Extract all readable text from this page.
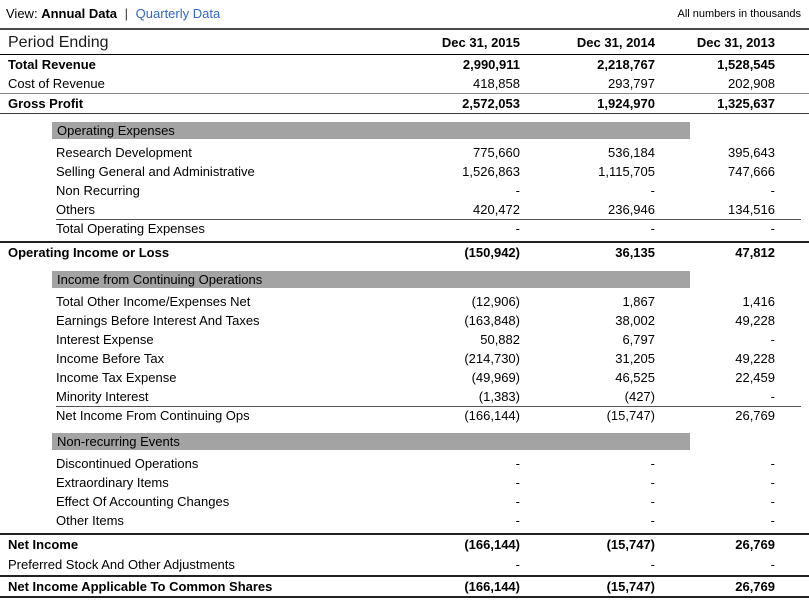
View: Annual Data | Quarterly Data	All numbers in thousands
Period Ending	Dec 31, 2015	Dec 31, 2014	Dec 31, 2013
Total Revenue	2,990,911	2,218,767	1,528,545
Cost of Revenue	418,858	293,797	202,908
Gross Profit	2,572,053	1,924,970	1,325,637
Operating Expenses
Research Development	775,660	536,184	395,643
Selling General and Administrative	1,526,863	1,115,705	747,666
Non Recurring	-	-	-
Others	420,472	236,946	134,516
Total Operating Expenses	-	-	-
Operating Income or Loss	(150,942)	36,135	47,812
Income from Continuing Operations
Total Other Income/Expenses Net	(12,906)	1,867	1,416
Earnings Before Interest And Taxes	(163,848)	38,002	49,228
Interest Expense	50,882	6,797	-
Income Before Tax	(214,730)	31,205	49,228
Income Tax Expense	(49,969)	46,525	22,459
Minority Interest	(1,383)	(427)	-
Net Income From Continuing Ops	(166,144)	(15,747)	26,769
Non-recurring Events
Discontinued Operations	-	-	-
Extraordinary Items	-	-	-
Effect Of Accounting Changes	-	-	-
Other Items	-	-	-
Net Income	(166,144)	(15,747)	26,769
Preferred Stock And Other Adjustments	-	-	-
Net Income Applicable To Common Shares	(166,144)	(15,747)	26,769
